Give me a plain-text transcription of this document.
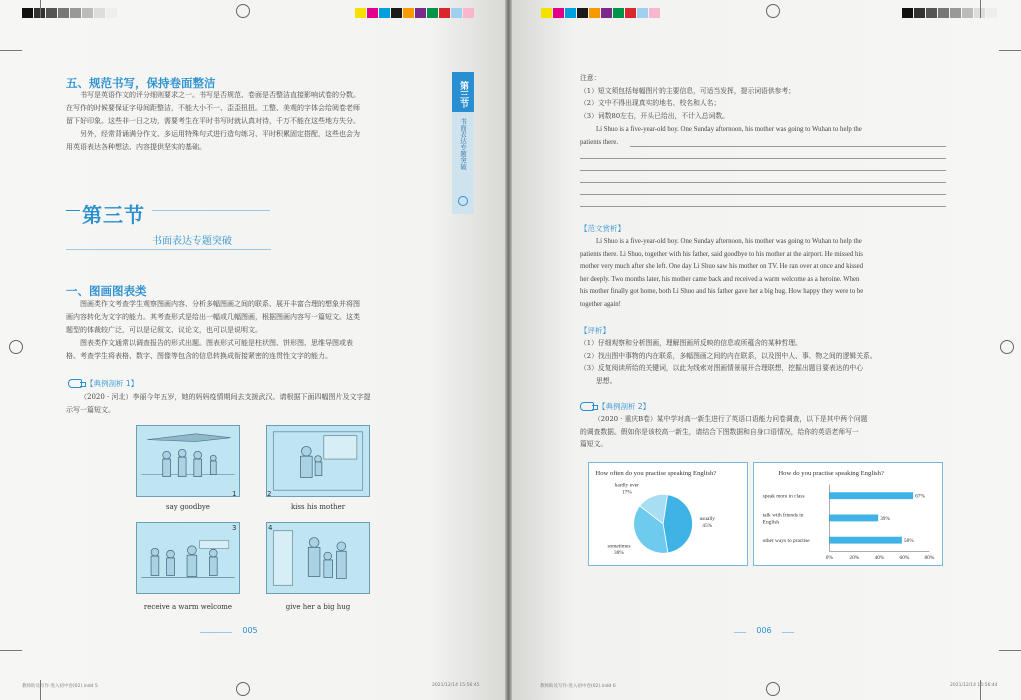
五、规范书写，保持卷面整洁
书写是英语作文的评分细则要求之一。书写是否规范、卷面是否整洁直接影响试卷的分数。
在写作的时候要保证字母间距整洁，不能大小不一、歪歪扭扭。工整、美观的字体会给阅卷老师
留下好印象。这些非一日之功，需要考生在平时书写时就认真对待，千万不能在这些地方失分。
另外，经常背诵满分作文、多运用特殊句式进行造句练习、平时积累固定搭配，这些也会为
用英语表达各种想法、内容提供坚实的基础。
第三节
书面表达专题突破
一、图画图表类
图画类作文考查学生观察图画内容、分析多幅图画之间的联系、展开丰富合理的想象并将图
画内容转化为文字的能力。其考查形式是给出一幅或几幅图画，根据图画内容写一篇短文。这类
题型的体裁较广泛，可以是记叙文、议论文，也可以是说明文。
图表类作文通常以调查报告的形式出题。图表形式可能是柱状图、饼形图、思维导图或表
格。考查学生将表格、数字、图像等包含的信息转换成衔接紧密的连贯性文字的能力。
【典例剖析 1】
（2020 · 河北）李丽今年五岁，她的妈妈疫情期间去支援武汉。请根据下面四幅图片及文字提
示写一篇短文。
1
say goodbye
2
kiss his mother
3
receive a warm welcome
4
give her a big hug
第三节
书面表达专题突破
005
教师助及写作·进入初中卷(02).indd 5	2021/12/14 15:56:45
注意：
（1）短文须包括每幅图片的主要信息，可适当发挥，提示词语供参考；
（2）文中不得出现真实的地名、校名和人名；
（3）词数80左右，开头已给出，不计入总词数。
Li Shuo is a five-year-old boy. One Sunday afternoon, his mother was going to Wuhan to help the
patients there.
【范文赏析】
Li Shuo is a five-year-old boy. One Sunday afternoon, his mother was going to Wuhan to help the
patients there. Li Shuo, together with his father, said goodbye to his mother at the airport. He missed his
mother very much after she left. One day Li Shuo saw his mother on TV. He ran over at once and kissed
her deeply. Two months later, his mother came back and received a warm welcome as a heroine. When
his mother finally got home, both Li Shuo and his father gave her a big hug. How happy they were to be
together again!
【评析】
（1）仔细观察和分析图画，理解图画所反映的信息或所蕴含的某种哲理。
（2）找出图中事物的内在联系，多幅图画之间的内在联系，以及图中人、事、物之间的逻辑关系。
（3）反复阅读所给的关键词，以此为线索对图画情景展开合理联想，挖掘出题目要表达的中心
思想。
【典例剖析 2】
（2020 · 重庆B卷）某中学对高一新生进行了英语口语能力问卷调查，以下是其中两个问题
的调查数据。假如你是该校高一新生，请结合下图数据和自身口语情况，给你的英语老师写一
篇短文。
How often do you practise speaking English?
usually
45%
sometimes
38%
hardly ever
17%
How do you practise speaking English?
0%	20%	40%	60%	80%
speak more in class	67%
talk with friends in
English
39%
other ways to practise	58%
006
教师助及写作·进入初中卷(02).indd 6	2021/12/14 15:56:44
